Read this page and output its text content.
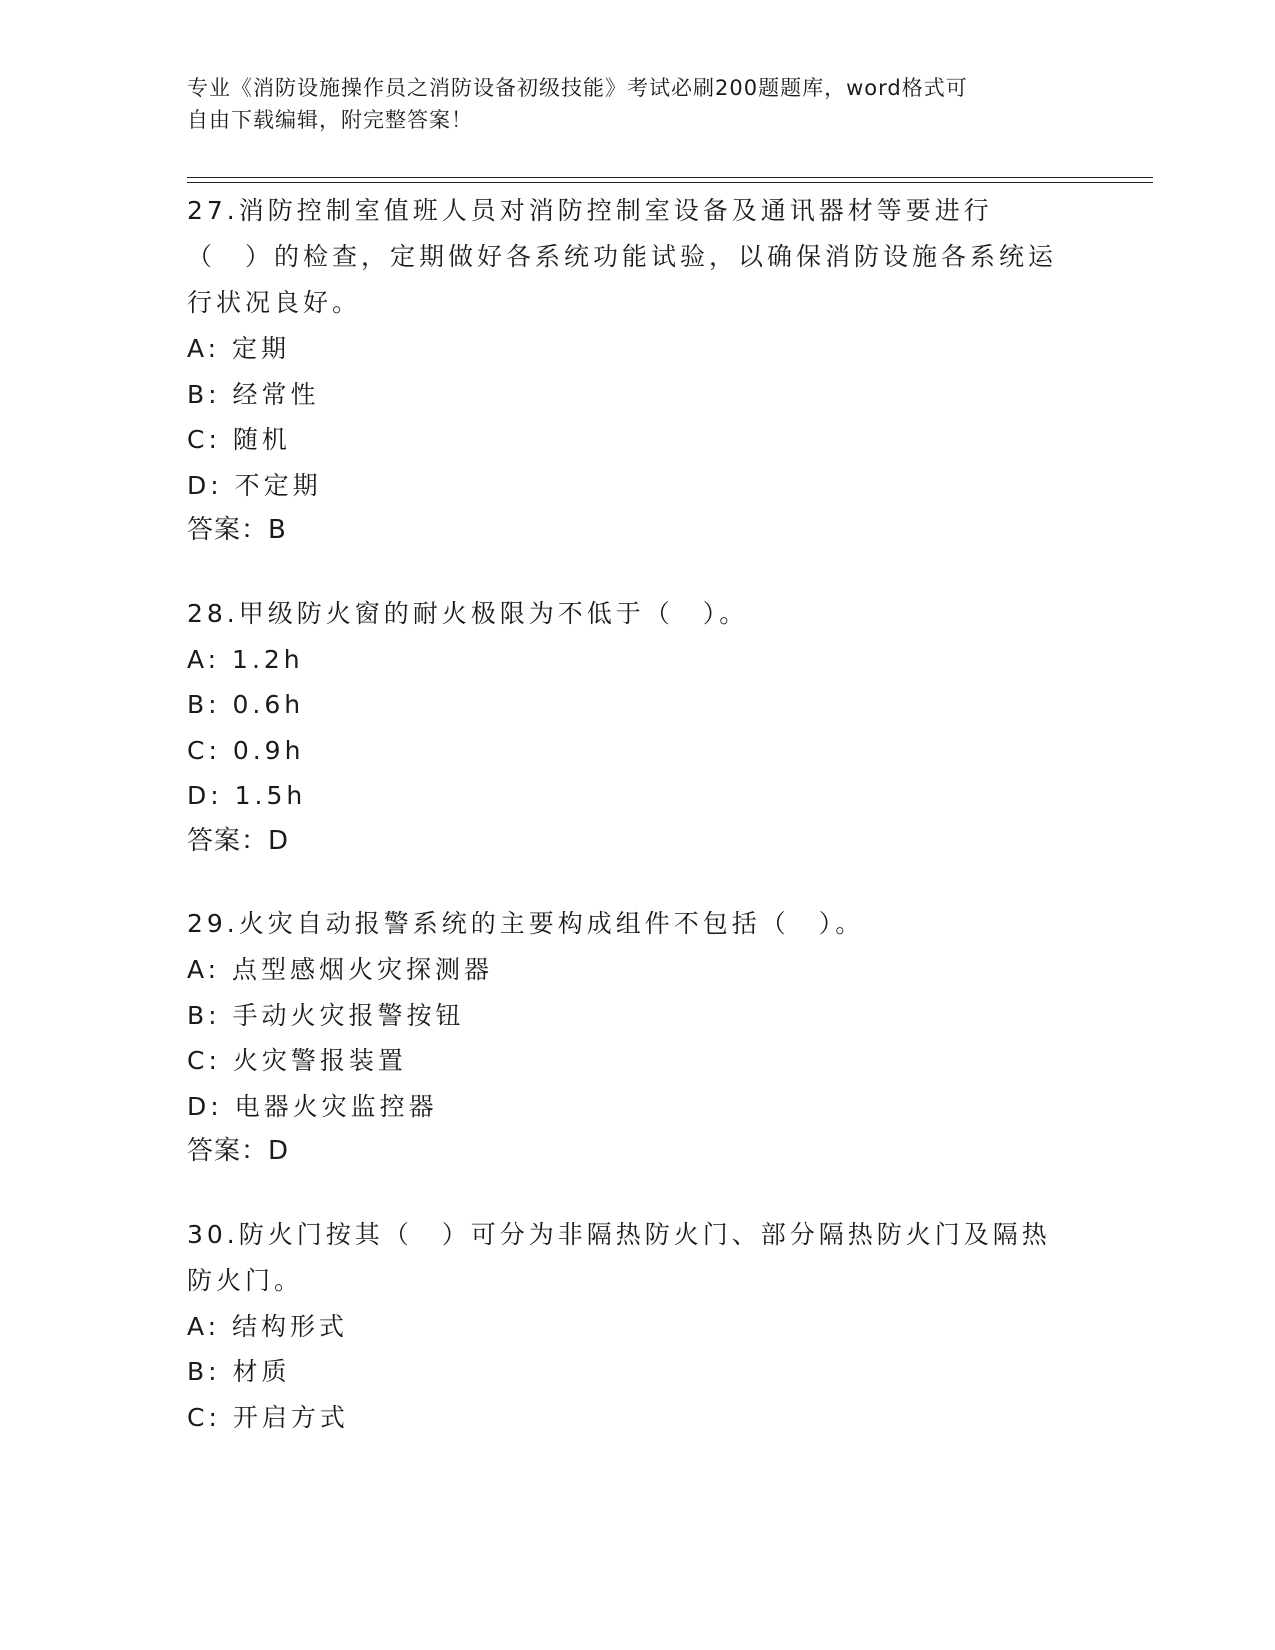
专业《消防设施操作员之消防设备初级技能》考试必刷200题题库，word格式可
自由下载编辑，附完整答案！
27.消防控制室值班人员对消防控制室设备及通讯器材等要进行（　）的检查，定期做好各系统功能试验，以确保消防设施各系统运行状况良好。
A: 定期
B: 经常性
C: 随机
D: 不定期
答案：B
28.甲级防火窗的耐火极限为不低于（　）。
A: 1.2h
B: 0.6h
C: 0.9h
D: 1.5h
答案：D
29.火灾自动报警系统的主要构成组件不包括（　）。
A: 点型感烟火灾探测器
B: 手动火灾报警按钮
C: 火灾警报装置
D: 电器火灾监控器
答案：D
30.防火门按其（　）可分为非隔热防火门、部分隔热防火门及隔热防火门。
A: 结构形式
B: 材质
C: 开启方式
